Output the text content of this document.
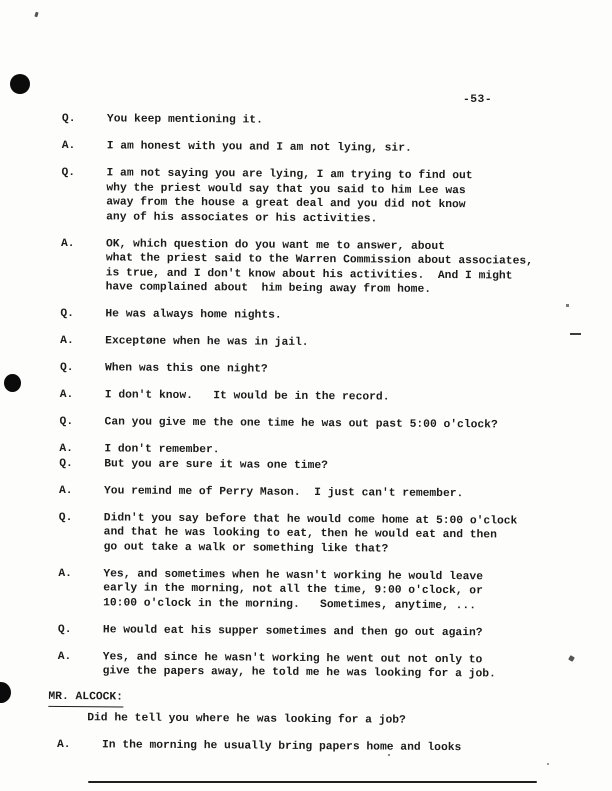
-53-
Q.	You keep mentioning it.
A.	I am honest with you and I am not lying, sir.
Q.	I am not saying you are lying, I am trying to find out
why the priest would say that you said to him Lee was
away from the house a great deal and you did not know
any of his associates or his activities.
A.	OK, which question do you want me to answer, about
what the priest said to the Warren Commission about associates,
is true, and I don't know about his activities.  And I might
have complained about  him being away from home.
Q.	He was always home nights.
A.	Exceptøne when he was in jail.
Q.	When was this one night?
A.	I don't know.   It would be in the record.
Q.	Can you give me the one time he was out past 5:00 o'clock?
A.	I don't remember.
Q.	But you are sure it was one time?
A.	You remind me of Perry Mason.  I just can't remember.
Q.	Didn't you say before that he would come home at 5:00 o'clock
and that he was looking to eat, then he would eat and then
go out take a walk or something like that?
A.	Yes, and sometimes when he wasn't working he would leave
early in the morning, not all the time, 9:00 o'clock, or
10:00 o'clock in the morning.   Sometimes, anytime, ...
Q.	He would eat his supper sometimes and then go out again?
A.	Yes, and since he wasn't working he went out not only to
give the papers away, he told me he was looking for a job.
MR. ALCOCK:
Did he tell you where he was looking for a job?
A.	In the morning he usually bring papers home and looks
